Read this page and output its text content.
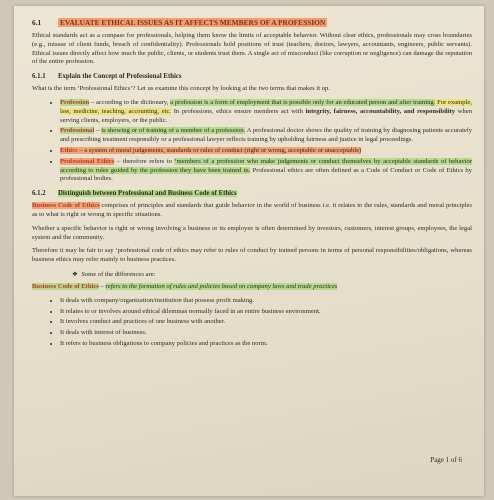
6.1	EVALUATE ETHICAL ISSUES AS IT AFFECTS MEMBERS OF A PROFESSION

Ethical standards act as a compass for professionals, helping them know the limits of acceptable behavior. Without clear ethics, professionals may cross boundaries (e.g., misuse of client funds, breach of confidentiality). Professionals hold positions of trust (teachers, doctors, lawyers, accountants, engineers, public servants). Ethical issues directly affect how much the public, clients, or students trust them. A single act of misconduct (like corruption or negligence) can damage the reputation of the entire profession.

6.1.1 Explain the Concept of Professional Ethics

What is the term ‘Professional Ethics’? Let us examine this concept by looking at the two terms that makes it up.

• Profession – according to the dictionary, a profession is a form of employment that is possible only for an educated person and after training. For example, law, medicine, teaching, accounting, etc. In professions, ethics ensure members act with integrity, fairness, accountability, and responsibility when serving clients, employers, or the public.
• Professional – is showing or of training of a member of a profession. A professional doctor shows the quality of training by diagnosing patients accurately and prescribing treatment responsibly or a professional lawyer reflects training by upholding fairness and justice in legal proceedings.
• Ethics – a system of moral judgements, standards or rules of conduct (right or wrong, acceptable or unacceptable)
• Professional Ethics – therefore refers to ‘members of a profession who make judgements or conduct themselves by acceptable standards of behavior according to rules guided by the profession they have been trained in. Professional ethics are often defined as a Code of Conduct or Code of Ethics by professional bodies.
6.1.2 Distinguish between Professional and Business Code of Ethics

Business Code of Ethics comprises of principles and standards that guide behavior in the world of business i.e. it relates to the rules, standards and moral principles as to what is right or wrong in specific situations.

Whether a specific behavior is right or wrong involving a business or its employee is often determined by investors, customers, interest groups, employees, the legal system and the community.

Therefore it may be fair to say ‘professional code of ethics may refer to rules of conduct by trained persons in terms of personal responsibilities/obligations, whereas business ethics may refer mainly to business practices.

❖ Some of the differences are:

Business Code of Ethics – refers to the formation of rules and policies based on company laws and trade practices

• It deals with company/organization/institution that possess profit making.
• It relates to or involves around ethical dilemmas normally faced in an entire business environment.
• It involves conduct and practices of one business with another.
• It deals with interest of business.
• It refers to business obligations to company policies and practices as the norm.
Page 1 of 6
